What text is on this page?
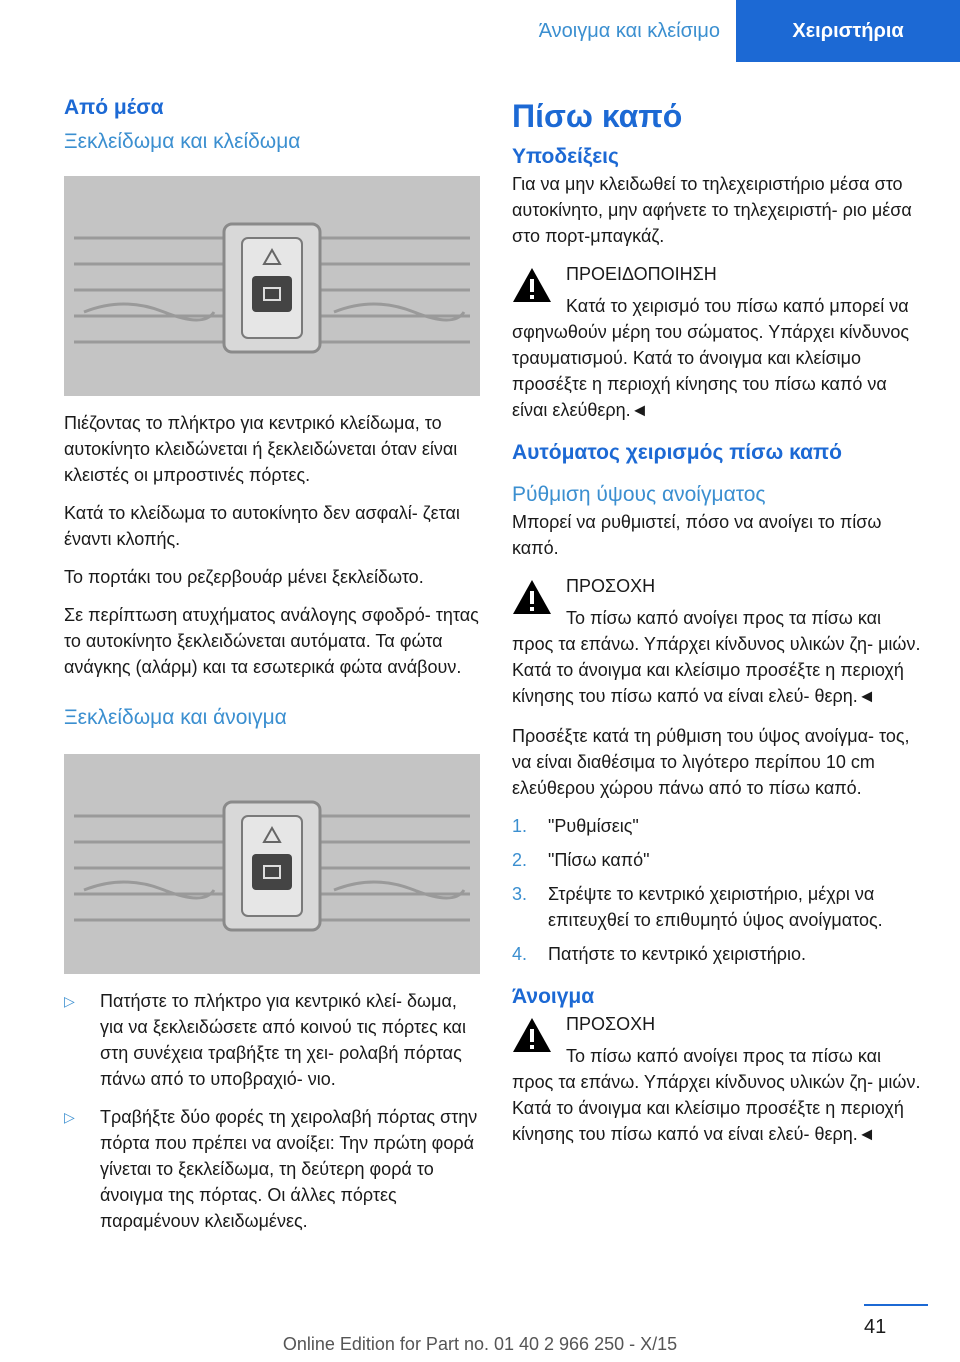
Άνοιγμα και κλείσιμο	Χειριστήρια
Από μέσα
Ξεκλείδωμα και κλείδωμα

Πιέζοντας το πλήκτρο για κεντρικό κλείδωμα, το αυτοκίνητο κλειδώνεται ή ξεκλειδώνεται όταν είναι κλειστές οι μπροστινές πόρτες.

Κατά το κλείδωμα το αυτοκίνητο δεν ασφαλί- ζεται έναντι κλοπής.

Το πορτάκι του ρεζερβουάρ μένει ξεκλείδωτο.

Σε περίπτωση ατυχήματος ανάλογης σφοδρό- τητας το αυτοκίνητο ξεκλειδώνεται αυτόματα. Τα φώτα ανάγκης (αλάρμ) και τα εσωτερικά φώτα ανάβουν.

Ξεκλείδωμα και άνοιγμα
▷ Πατήστε το πλήκτρο για κεντρικό κλεί- δωμα, για να ξεκλειδώσετε από κοινού τις πόρτες και στη συνέχεια τραβήξτε τη χει- ρολαβή πόρτας πάνω από το υποβραχιό- νιο.
▷ Τραβήξτε δύο φορές τη χειρολαβή πόρτας στην πόρτα που πρέπει να ανοίξει: Την πρώτη φορά γίνεται το ξεκλείδωμα, τη δεύτερη φορά το άνοιγμα της πόρτας. Οι άλλες πόρτες παραμένουν κλειδωμένες.
Πίσω καπό
Υποδείξεις

Για να μην κλειδωθεί το τηλεχειριστήριο μέσα στο αυτοκίνητο, μην αφήνετε το τηλεχειριστή- ριο μέσα στο πορτ-μπαγκάζ.

ΠΡΟΕΙΔΟΠΟΙΗΣΗ
Κατά το χειρισμό του πίσω καπό μπορεί να σφηνωθούν μέρη του σώματος. Υπάρχει κίνδυνος τραυματισμού. Κατά το άνοιγμα και κλείσιμο προσέξτε η περιοχή κίνησης του πίσω καπό να είναι ελεύθερη.◄
Αυτόματος χειρισμός πίσω καπό
Ρύθμιση ύψους ανοίγματος

Μπορεί να ρυθμιστεί, πόσο να ανοίγει το πίσω καπό.

ΠΡΟΣΟΧΗ
Το πίσω καπό ανοίγει προς τα πίσω και προς τα επάνω. Υπάρχει κίνδυνος υλικών ζη- μιών. Κατά το άνοιγμα και κλείσιμο προσέξτε η περιοχή κίνησης του πίσω καπό να είναι ελεύ- θερη.◄

Προσέξτε κατά τη ρύθμιση του ύψος ανοίγμα- τος, να είναι διαθέσιμα το λιγότερο περίπου 10 cm ελεύθερου χώρου πάνω από το πίσω καπό.

1. "Ρυθμίσεις"
2. "Πίσω καπό"
3. Στρέψτε το κεντρικό χειριστήριο, μέχρι να επιτευχθεί το επιθυμητό ύψος ανοίγματος.
4. Πατήστε το κεντρικό χειριστήριο.
Άνοιγμα
ΠΡΟΣΟΧΗ
Το πίσω καπό ανοίγει προς τα πίσω και προς τα επάνω. Υπάρχει κίνδυνος υλικών ζη- μιών. Κατά το άνοιγμα και κλείσιμο προσέξτε η περιοχή κίνησης του πίσω καπό να είναι ελεύ- θερη.◄
41
Online Edition for Part no. 01 40 2 966 250 - X/15
